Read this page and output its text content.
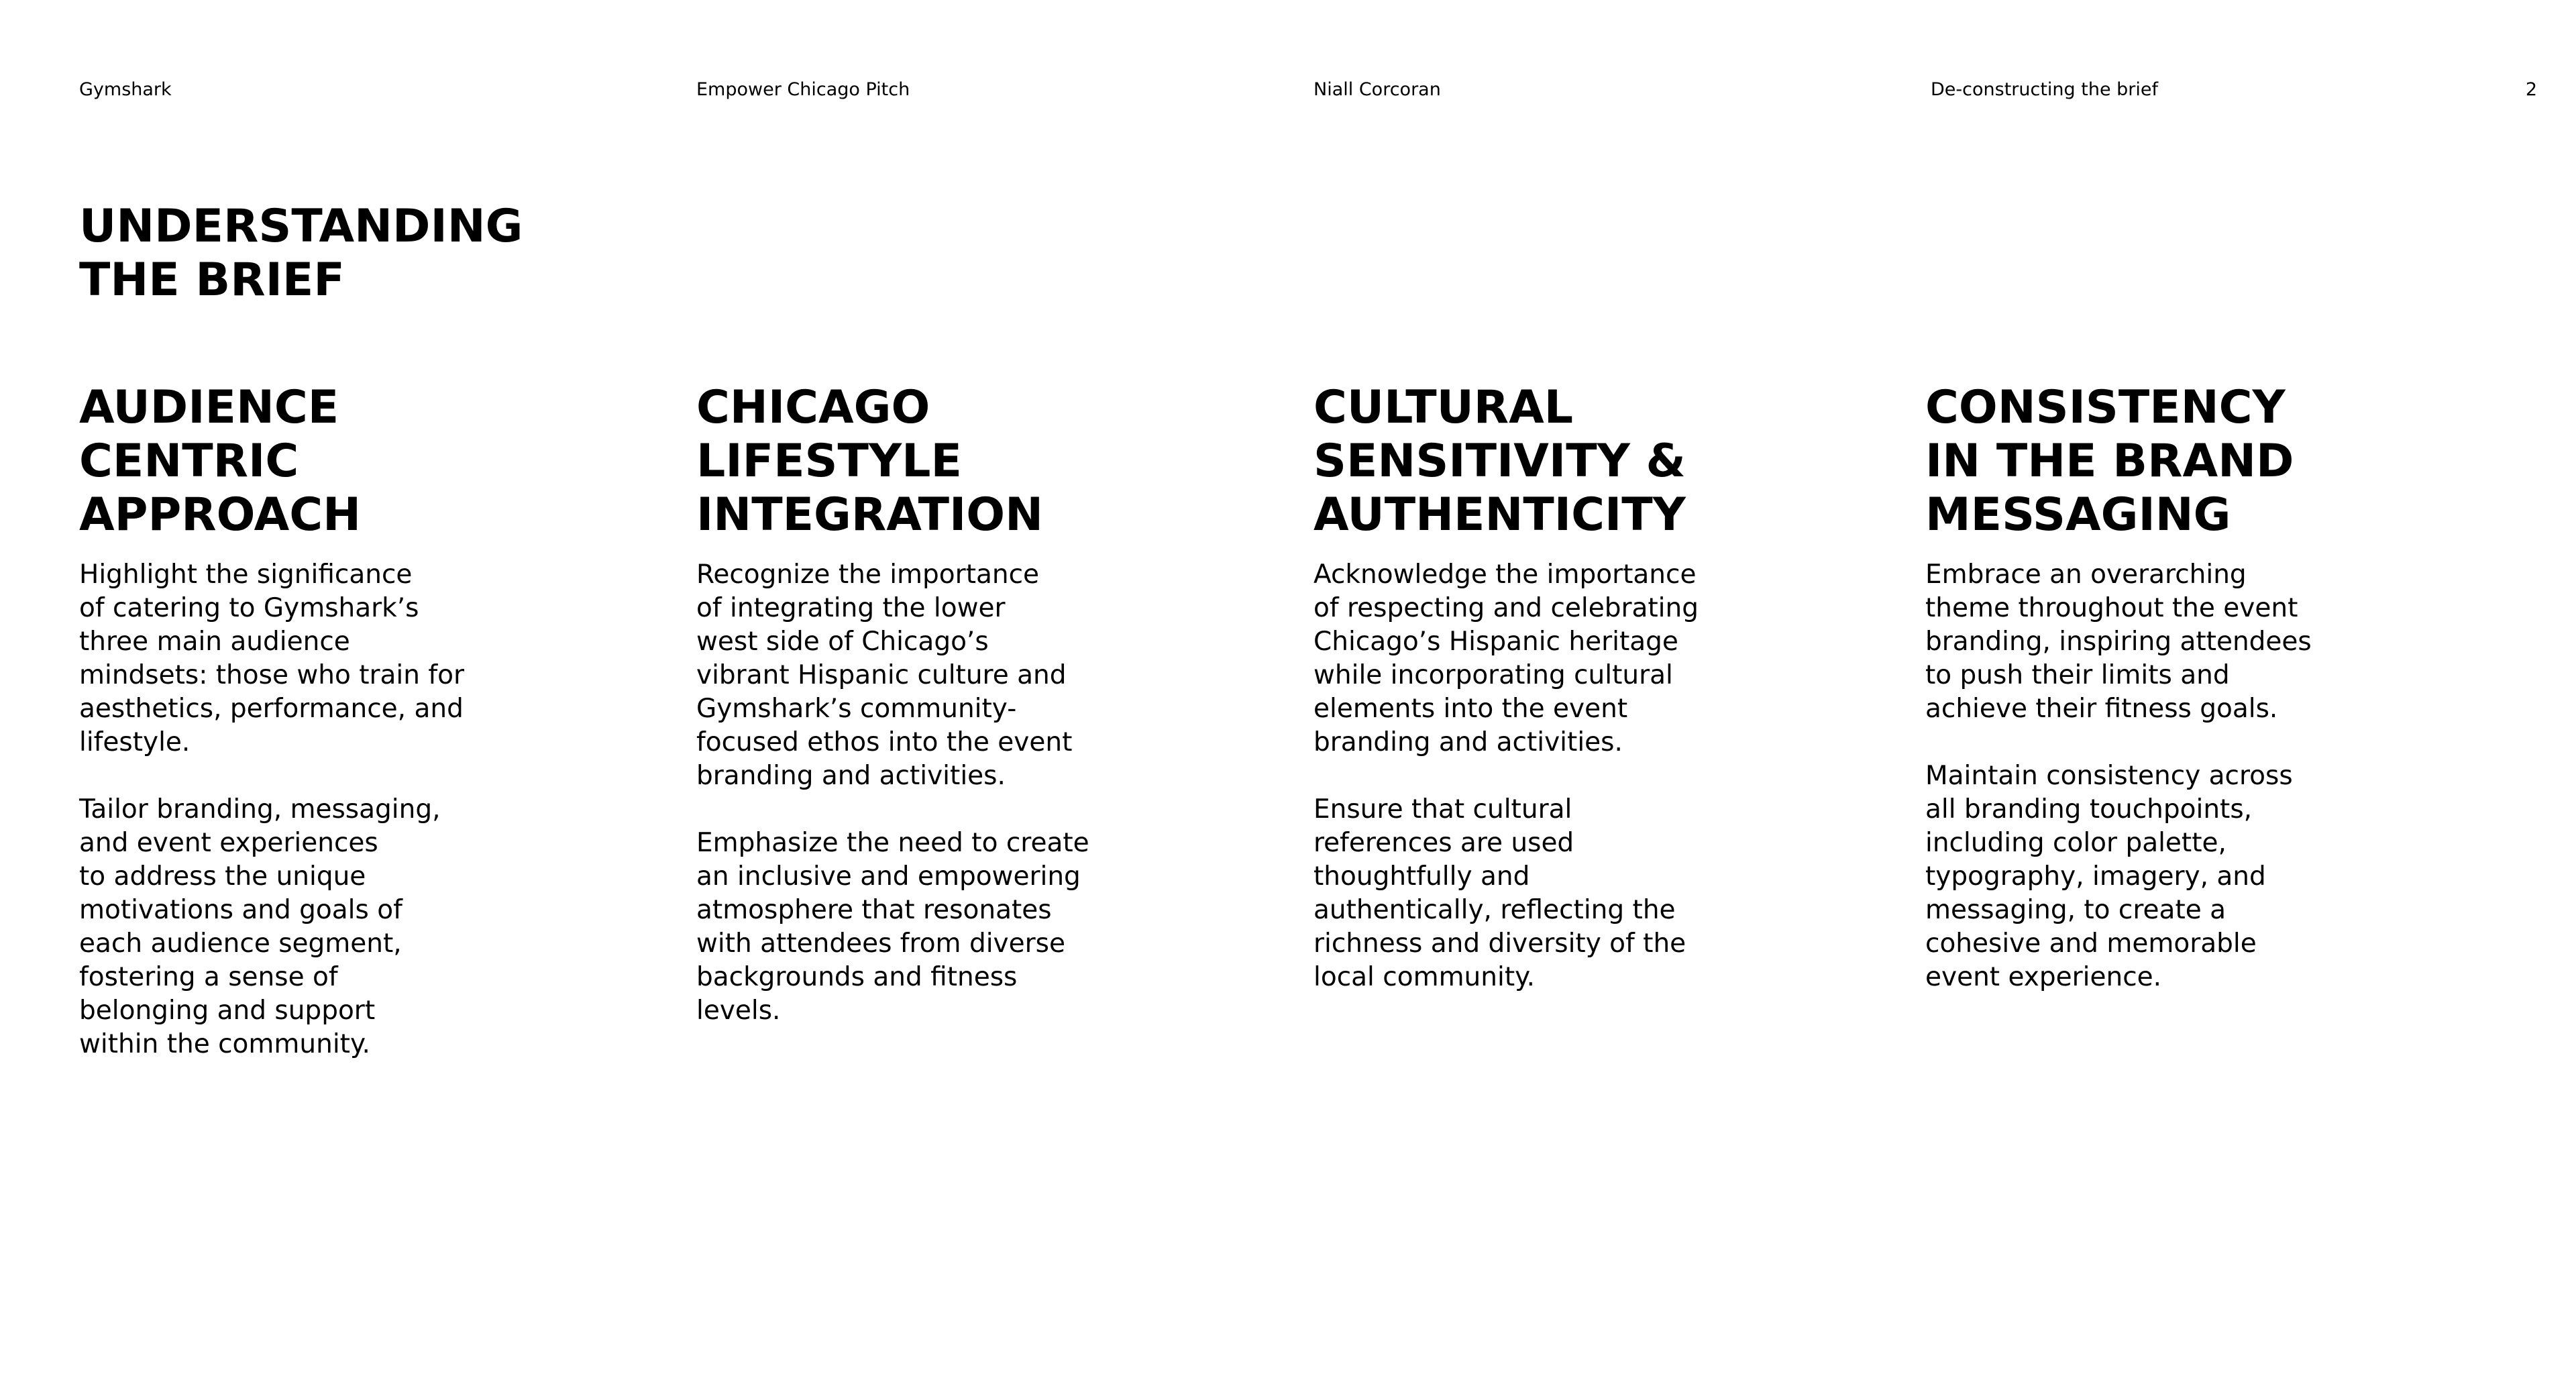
Gymshark	Empower Chicago Pitch	Niall Corcoran	De-constructing the brief	2
UNDERSTANDING
THE BRIEF
AUDIENCE
CENTRIC
APPROACH

Highlight the significance
of catering to Gymshark’s
three main audience
mindsets: those who train for
aesthetics, performance, and
lifestyle.

Tailor branding, messaging,
and event experiences
to address the unique
motivations and goals of
each audience segment,
fostering a sense of
belonging and support
within the community.

CHICAGO
LIFESTYLE
INTEGRATION

Recognize the importance
of integrating the lower
west side of Chicago’s
vibrant Hispanic culture and
Gymshark’s community-
focused ethos into the event
branding and activities.

Emphasize the need to create
an inclusive and empowering
atmosphere that resonates
with attendees from diverse
backgrounds and fitness
levels.

CULTURAL
SENSITIVITY &
AUTHENTICITY

Acknowledge the importance
of respecting and celebrating
Chicago’s Hispanic heritage
while incorporating cultural
elements into the event
branding and activities.

Ensure that cultural
references are used
thoughtfully and
authentically, reflecting the
richness and diversity of the
local community.

CONSISTENCY
IN THE BRAND
MESSAGING

Embrace an overarching
theme throughout the event
branding, inspiring attendees
to push their limits and
achieve their fitness goals.

Maintain consistency across
all branding touchpoints,
including color palette,
typography, imagery, and
messaging, to create a
cohesive and memorable
event experience.
